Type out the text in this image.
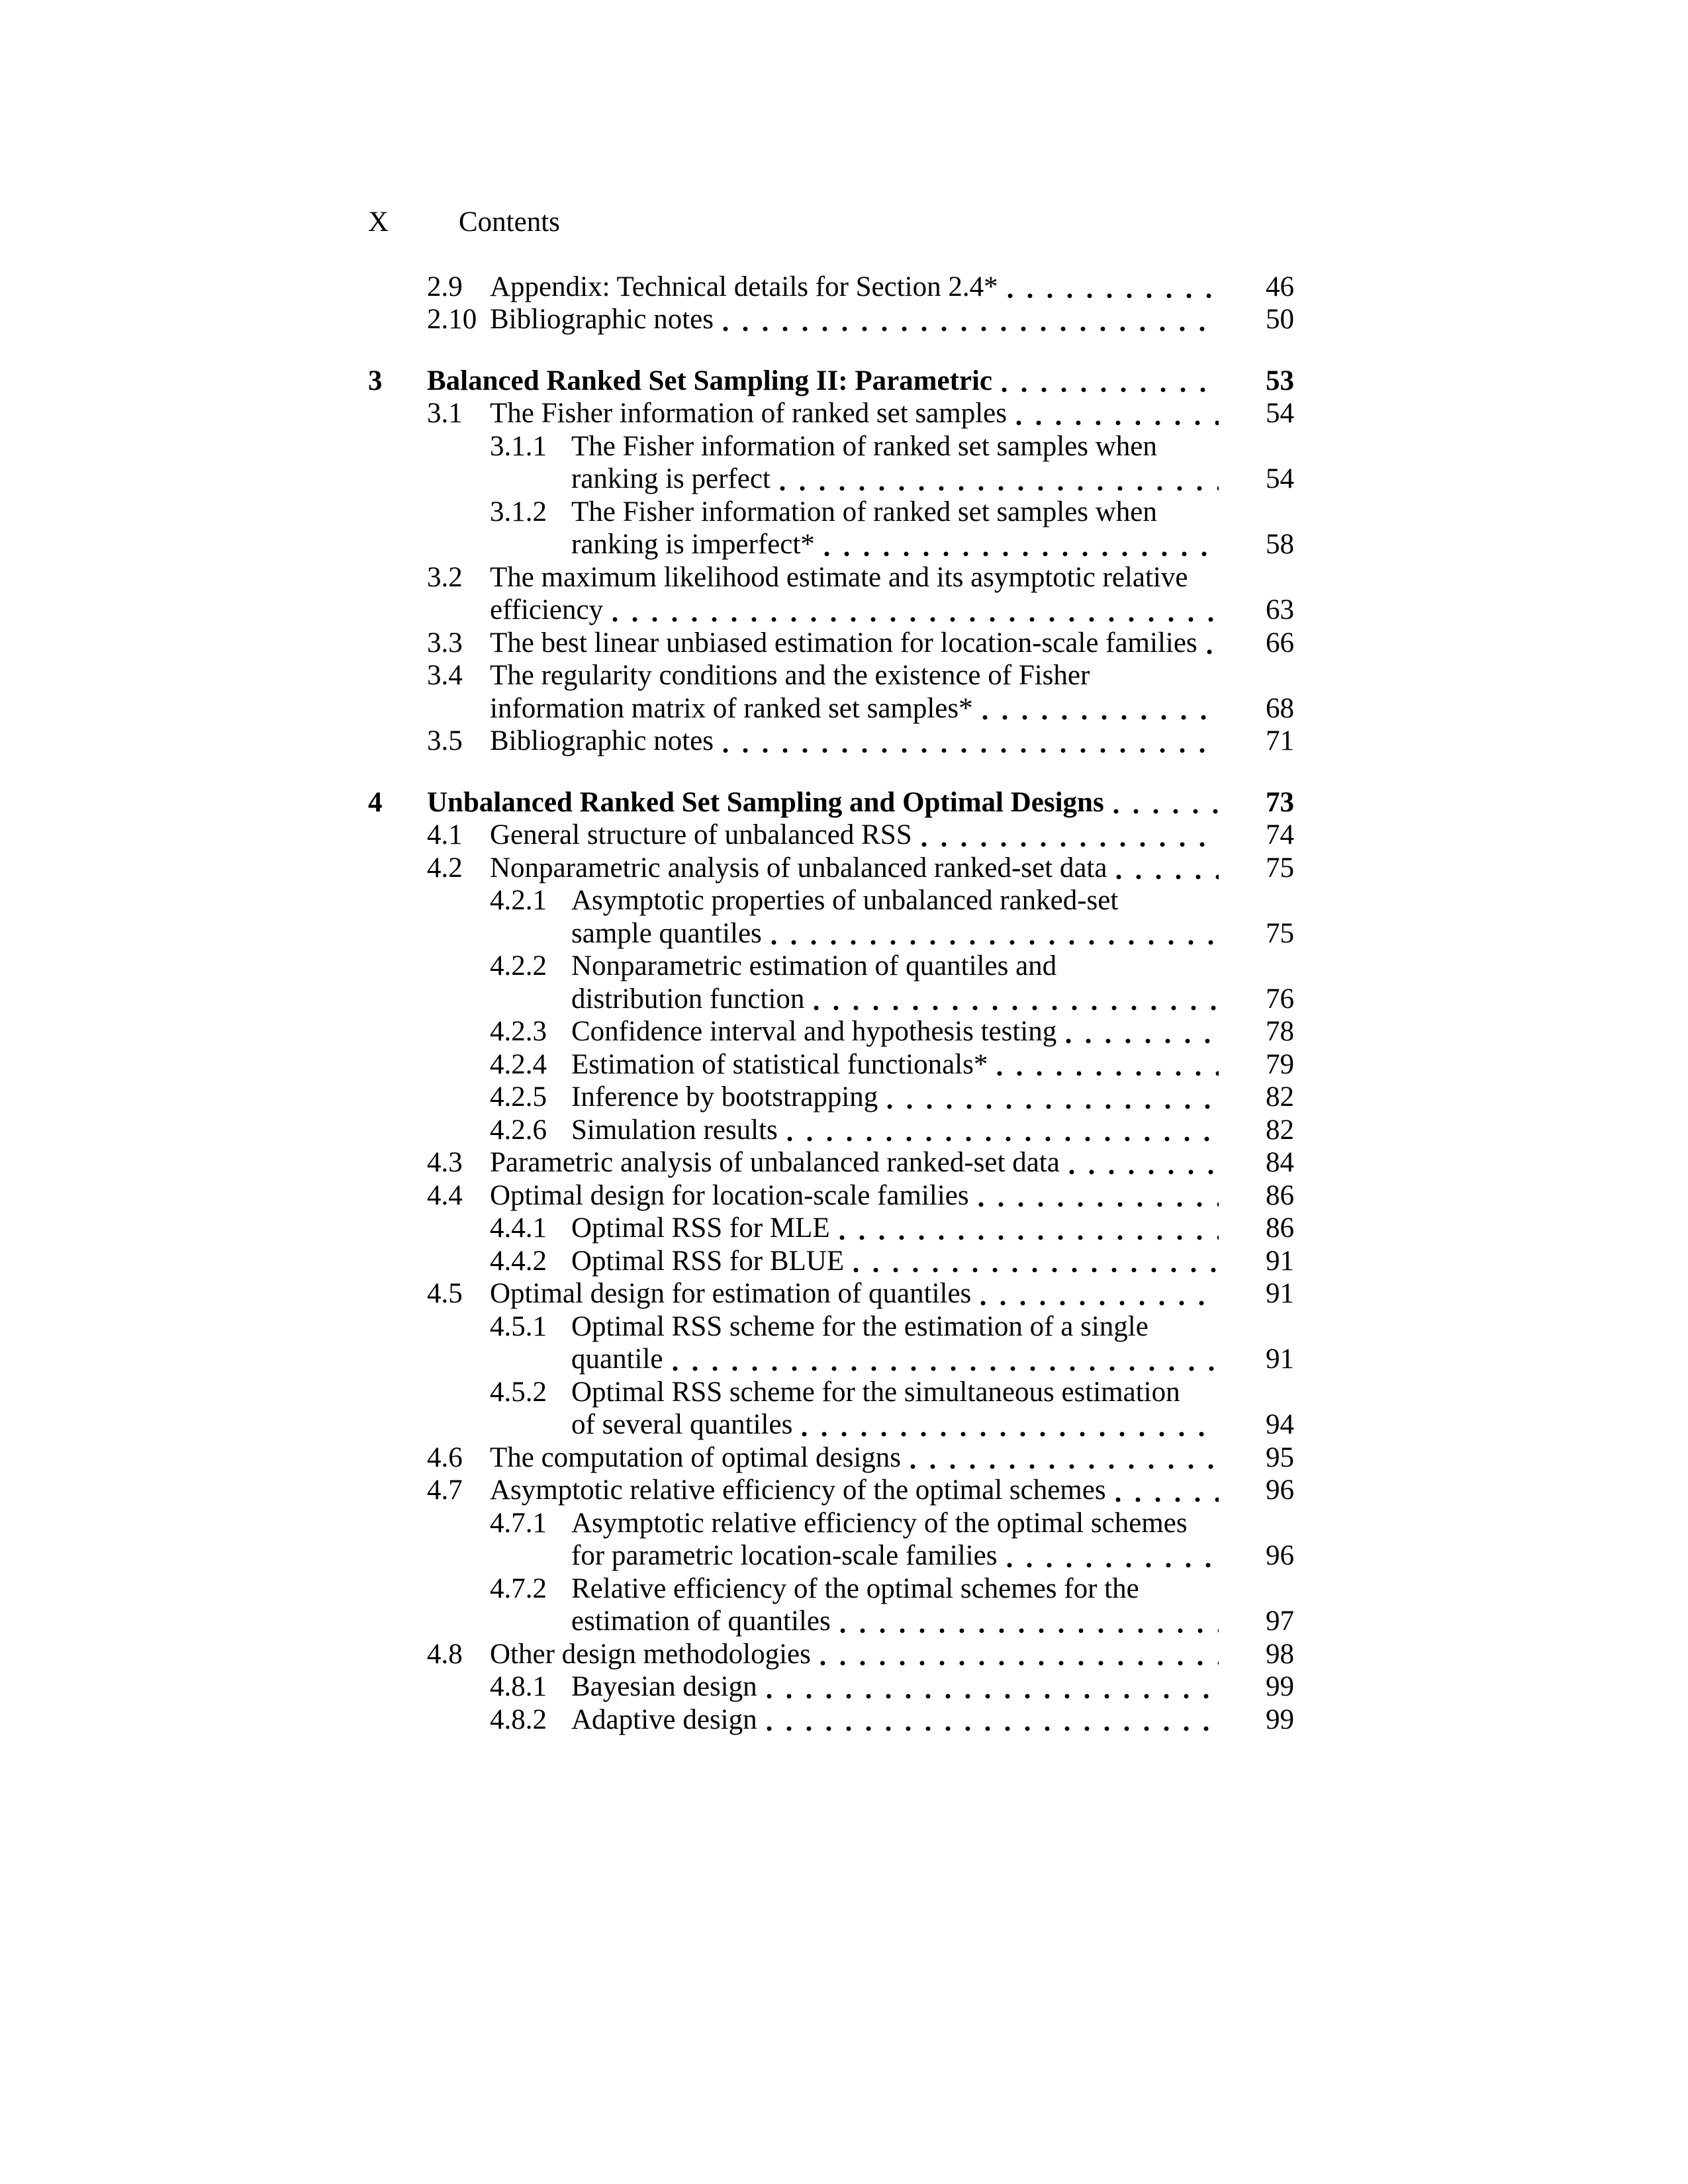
X Contents
2.9 Appendix: Technical details for Section 2.4*	46
2.10 Bibliographic notes	50
3	Balanced Ranked Set Sampling II: Parametric	53
3.1 The Fisher information of ranked set samples	54
3.1.1 The Fisher information of ranked set samples when
ranking is perfect	54
3.1.2 The Fisher information of ranked set samples when
ranking is imperfect*	58
3.2 The maximum likelihood estimate and its asymptotic relative
efficiency	63
3.3 The best linear unbiased estimation for location-scale families	66
3.4 The regularity conditions and the existence of Fisher
information matrix of ranked set samples*	68
3.5 Bibliographic notes	71
4	Unbalanced Ranked Set Sampling and Optimal Designs	73
4.1 General structure of unbalanced RSS	74
4.2 Nonparametric analysis of unbalanced ranked-set data	75
4.2.1 Asymptotic properties of unbalanced ranked-set
sample quantiles	75
4.2.2 Nonparametric estimation of quantiles and
distribution function	76
4.2.3 Confidence interval and hypothesis testing	78
4.2.4 Estimation of statistical functionals*	79
4.2.5 Inference by bootstrapping	82
4.2.6 Simulation results	82
4.3 Parametric analysis of unbalanced ranked-set data	84
4.4 Optimal design for location-scale families	86
4.4.1 Optimal RSS for MLE	86
4.4.2 Optimal RSS for BLUE	91
4.5 Optimal design for estimation of quantiles	91
4.5.1 Optimal RSS scheme for the estimation of a single
quantile	91
4.5.2 Optimal RSS scheme for the simultaneous estimation
of several quantiles	94
4.6 The computation of optimal designs	95
4.7 Asymptotic relative efficiency of the optimal schemes	96
4.7.1 Asymptotic relative efficiency of the optimal schemes
for parametric location-scale families	96
4.7.2 Relative efficiency of the optimal schemes for the
estimation of quantiles	97
4.8 Other design methodologies	98
4.8.1 Bayesian design	99
4.8.2 Adaptive design	99
